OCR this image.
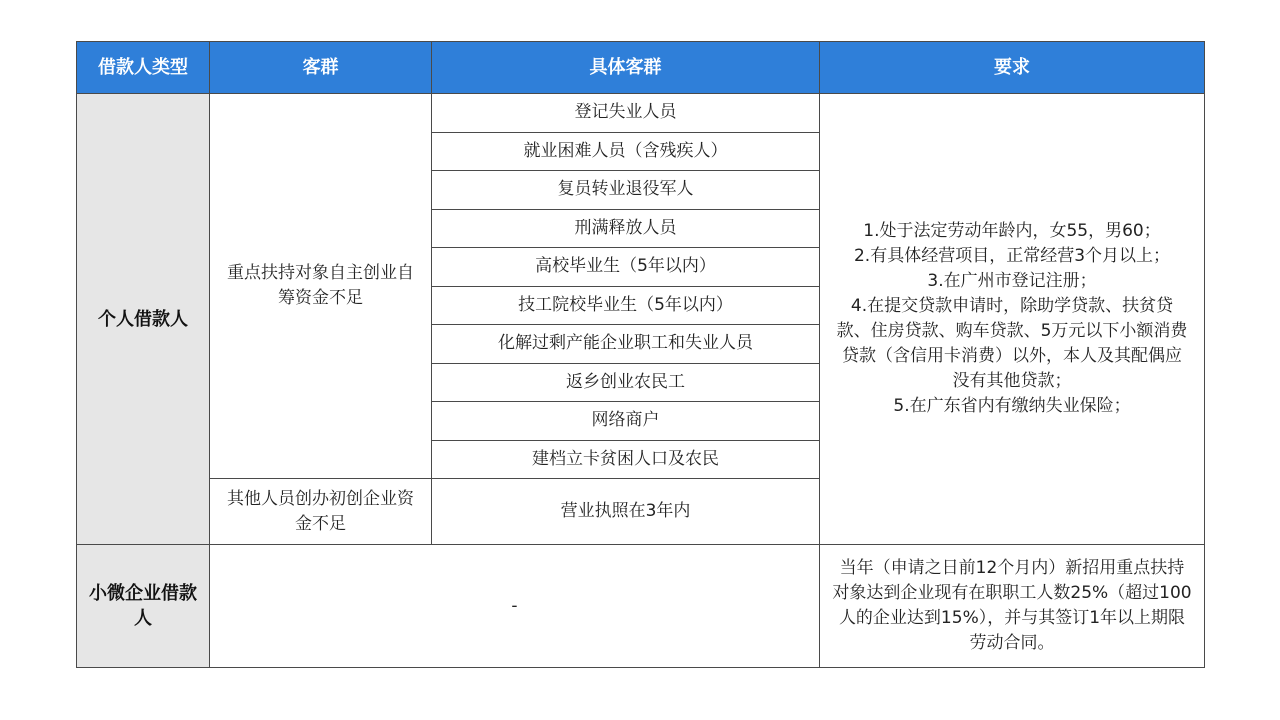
借款人类型	客群	具体客群	要求
个人借款人	重点扶持对象自主创业自筹资金不足	登记失业人员	1.处于法定劳动年龄内，女55，男60；
2.有具体经营项目，正常经营3个月以上；
3.在广州市登记注册；
4.在提交贷款申请时，除助学贷款、扶贫贷款、住房贷款、购车贷款、5万元以下小额消费贷款（含信用卡消费）以外，本人及其配偶应没有其他贷款；
5.在广东省内有缴纳失业保险；

		就业困难人员（含残疾人）	
		复员转业退役军人	
		刑满释放人员	
		高校毕业生（5年以内）	
		技工院校毕业生（5年以内）	
		化解过剩产能企业职工和失业人员	
		返乡创业农民工	
		网络商户	
		建档立卡贫困人口及农民	
	其他人员创办初创企业资金不足	营业执照在3年内	
小微企业借款人	-		当年（申请之日前12个月内）新招用重点扶持对象达到企业现有在职职工人数25%（超过100人的企业达到15%），并与其签订1年以上期限劳动合同。
